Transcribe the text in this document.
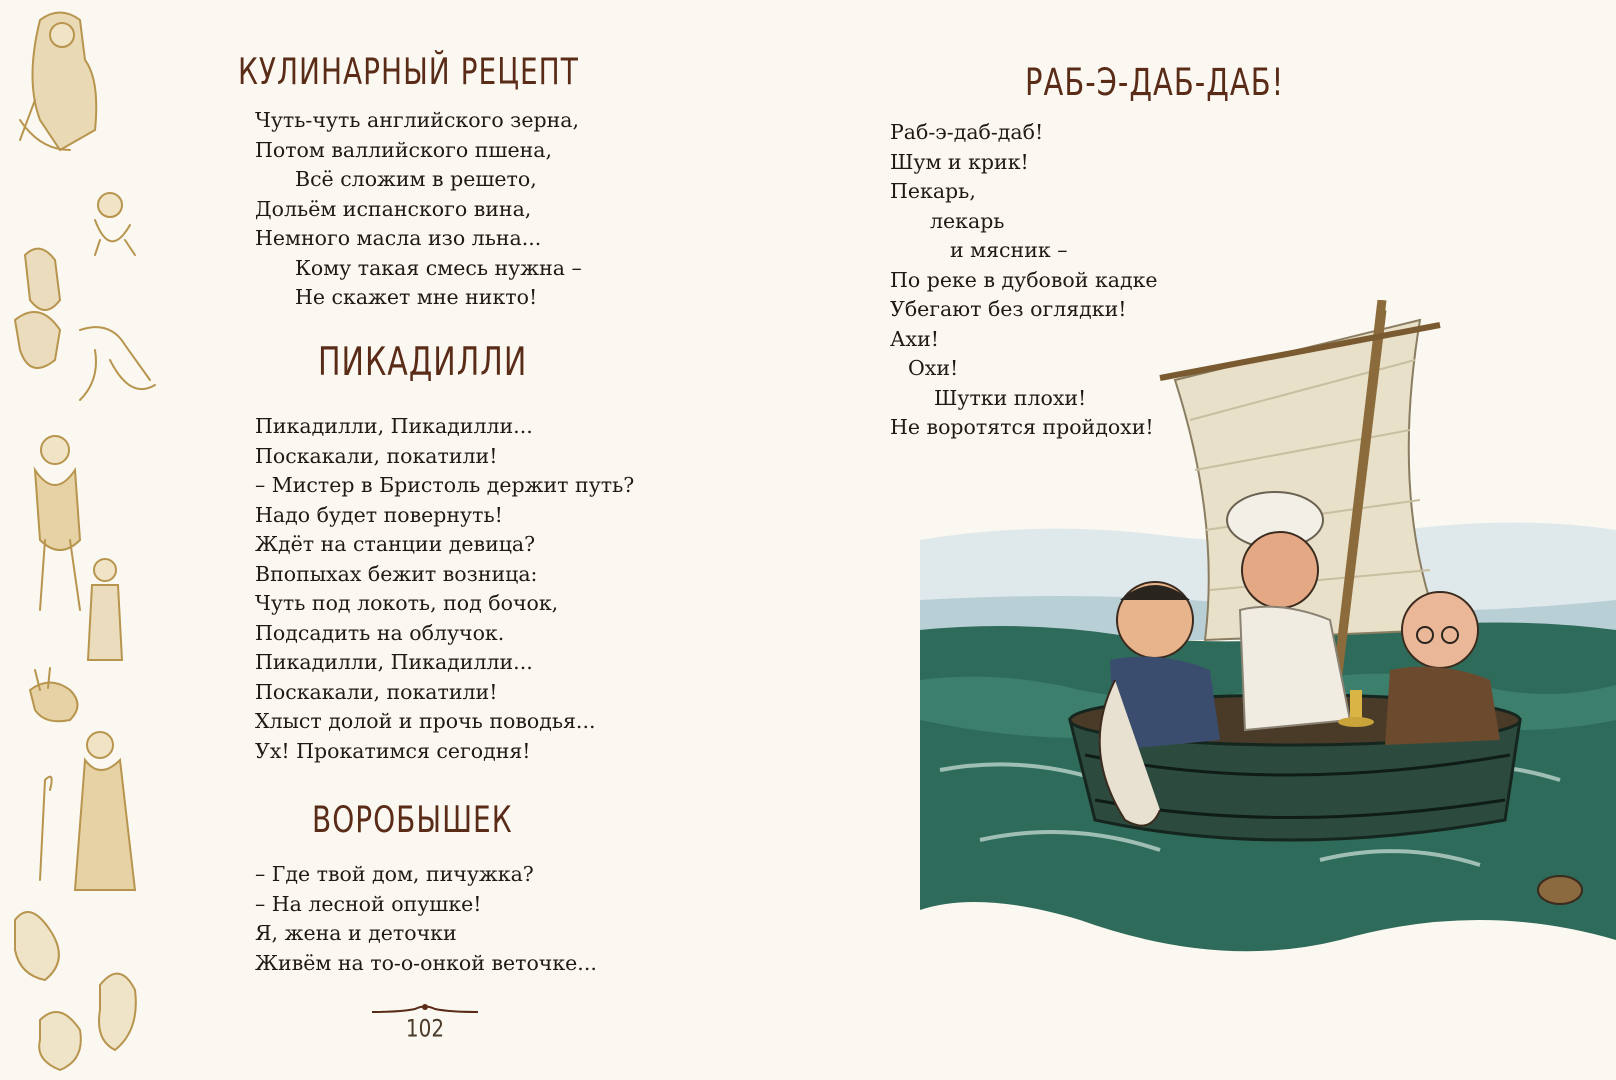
КУЛИНАРНЫЙ РЕЦЕПТ
Чуть-чуть английского зерна,
Потом валлийского пшена,
Всё сложим в решето,
Дольём испанского вина,
Немного масла изо льна...
Кому такая смесь нужна –
Не скажет мне никто!
ПИКАДИЛЛИ
Пикадилли, Пикадилли...
Поскакали, покатили!
– Мистер в Бристоль держит путь?
Надо будет повернуть!
Ждёт на станции девица?
Впопыхах бежит возница:
Чуть под локоть, под бочок,
Подсадить на облучок.
Пикадилли, Пикадилли...
Поскакали, покатили!
Хлыст долой и прочь поводья...
Ух! Прокатимся сегодня!
ВОРОБЫШЕК
– Где твой дом, пичужка?
– На лесной опушке!
Я, жена и деточки
Живём на то-о-онкой веточке...
102
РАБ-Э-ДАБ-ДАБ!
Раб-э-даб-даб!
Шум и крик!
Пекарь,
лекарь
и мясник –
По реке в дубовой кадке
Убегают без оглядки!
Ахи!
Охи!
Шутки плохи!
Не воротятся пройдохи!
